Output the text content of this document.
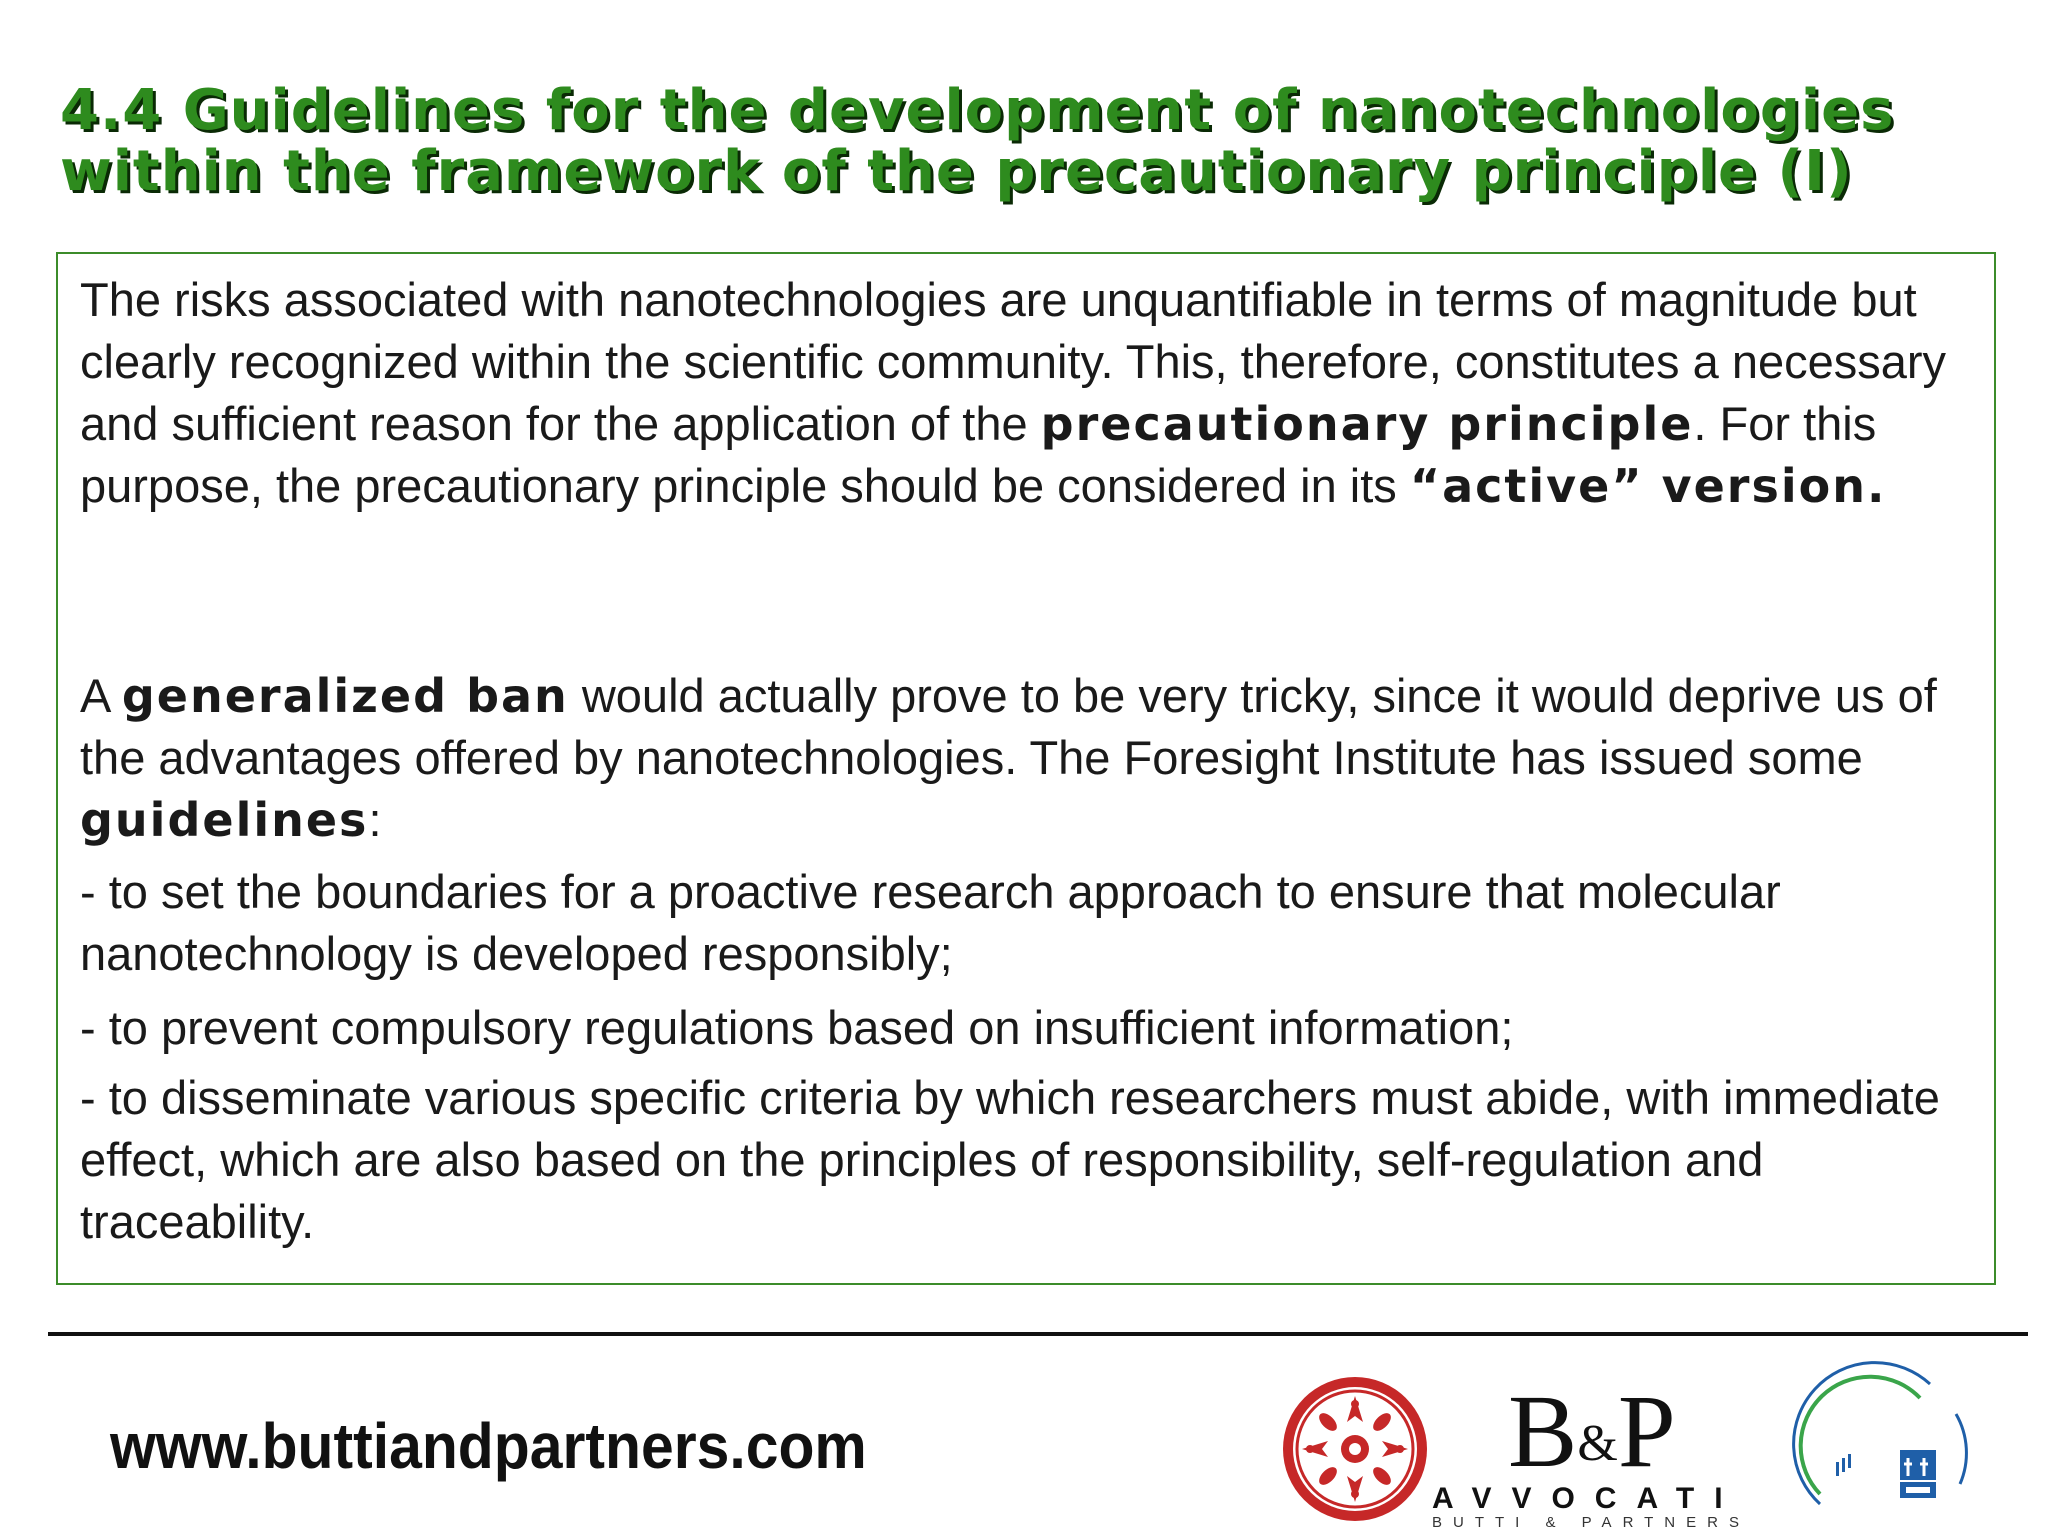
4.4 Guidelines for the development of nanotechnologies
within the framework of the precautionary principle (I)

The risks associated with nanotechnologies are unquantifiable in terms of magnitude but clearly recognized within the scientific community. This, therefore, constitutes a necessary and sufficient reason for the application of the precautionary principle. For this purpose, the precautionary principle should be considered in its “active” version.

A generalized ban would actually prove to be very tricky, since it would deprive us of the advantages offered by nanotechnologies. The Foresight Institute has issued some guidelines:

- to set the boundaries for a proactive research approach to ensure that molecular nanotechnology is developed responsibly;

- to prevent compulsory regulations based on insufficient information;

- to disseminate various specific criteria by which researchers must abide, with immediate effect, which are also based on the principles of responsibility, self-regulation and traceability.

www.buttiandpartners.com	B&P
AVVOCATI
BUTTI & PARTNERS
